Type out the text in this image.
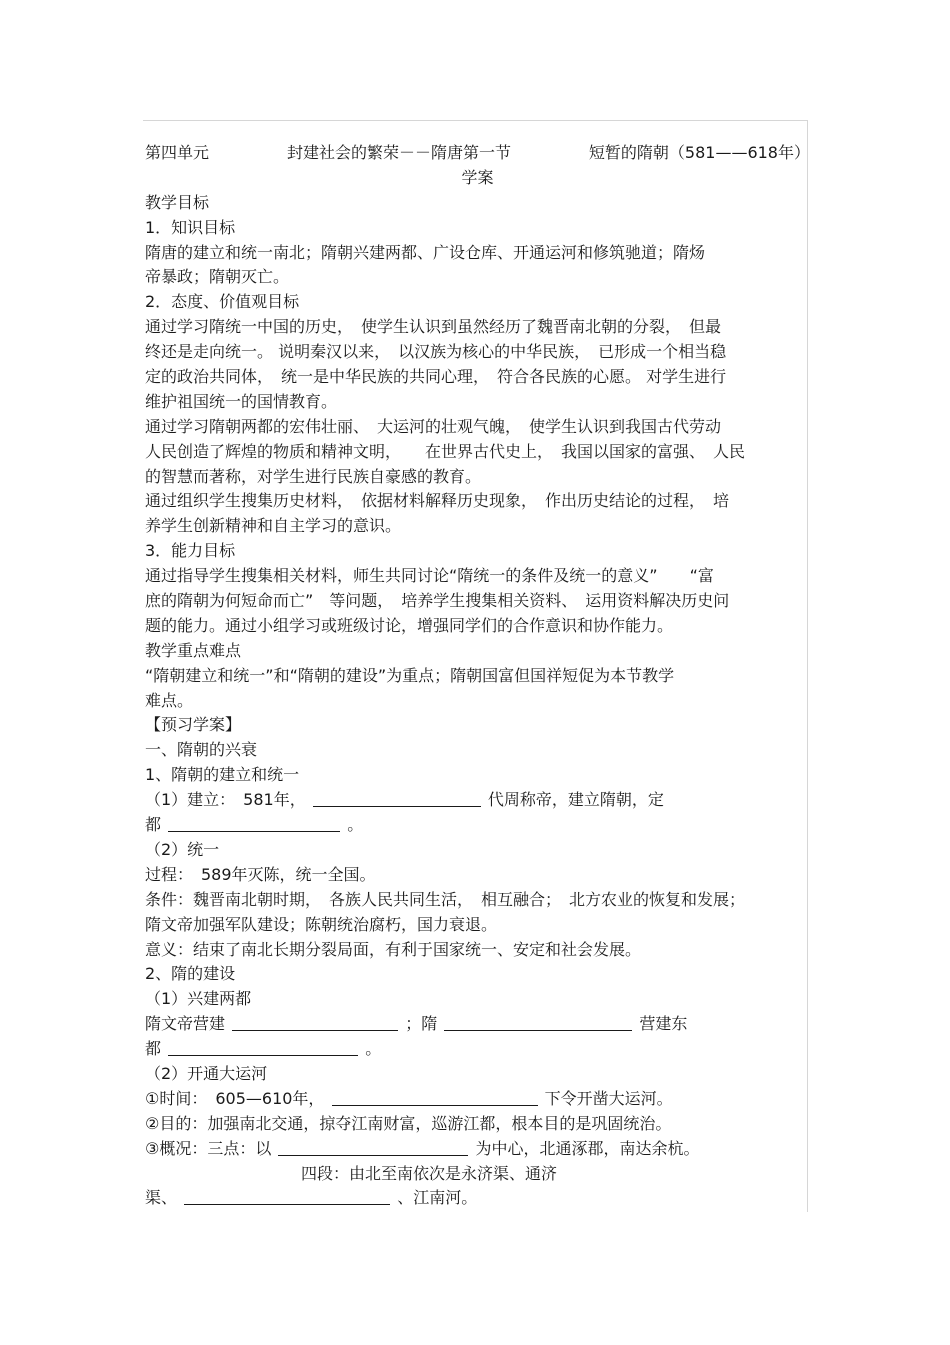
第四单元	封建社会的繁荣－－隋唐第一节	短暂的隋朝（581——618年）
学案
教学目标
1．知识目标
隋唐的建立和统一南北；隋朝兴建两都、广设仓库、开通运河和修筑驰道；隋炀
帝暴政；隋朝灭亡。
2．态度、价值观目标
通过学习隋统一中国的历史，　使学生认识到虽然经历了魏晋南北朝的分裂，　但最
终还是走向统一。 说明秦汉以来，　以汉族为核心的中华民族，　已形成一个相当稳
定的政治共同体，　统一是中华民族的共同心理，　符合各民族的心愿。 对学生进行
维护祖国统一的国情教育。
通过学习隋朝两都的宏伟壮丽、　大运河的壮观气魄，　使学生认识到我国古代劳动
人民创造了辉煌的物质和精神文明，　　在世界古代史上，　我国以国家的富强、　人民
的智慧而著称，对学生进行民族自豪感的教育。
通过组织学生搜集历史材料，　依据材料解释历史现象，　作出历史结论的过程，　培
养学生创新精神和自主学习的意识。
3．能力目标
通过指导学生搜集相关材料，师生共同讨论“隋统一的条件及统一的意义”　　“富
庶的隋朝为何短命而亡”　等问题，　培养学生搜集相关资料、　运用资料解决历史问
题的能力。通过小组学习或班级讨论，增强同学们的合作意识和协作能力。
教学重点难点
“隋朝建立和统一”和“隋朝的建设”为重点；隋朝国富但国祥短促为本节教学
难点。
【预习学案】
一、隋朝的兴衰
1、隋朝的建立和统一
（1）建立：　581年，	代周称帝，建立隋朝，定
都	。
（2）统一
过程：　589年灭陈，统一全国。
条件：魏晋南北朝时期，　各族人民共同生活，　相互融合；　北方农业的恢复和发展；
隋文帝加强军队建设；陈朝统治腐朽，国力衰退。
意义：结束了南北长期分裂局面，有利于国家统一、安定和社会发展。
2、隋的建设
（1）兴建两都
隋文帝营建	；隋	营建东
都	。
（2）开通大运河
①时间：　605—610年，	下令开凿大运河。
②目的：加强南北交通，掠夺江南财富，巡游江都，根本目的是巩固统治。
③概况：三点：以	为中心，北通涿郡，南达余杭。
四段：由北至南依次是永济渠、通济
渠、	、江南河。
